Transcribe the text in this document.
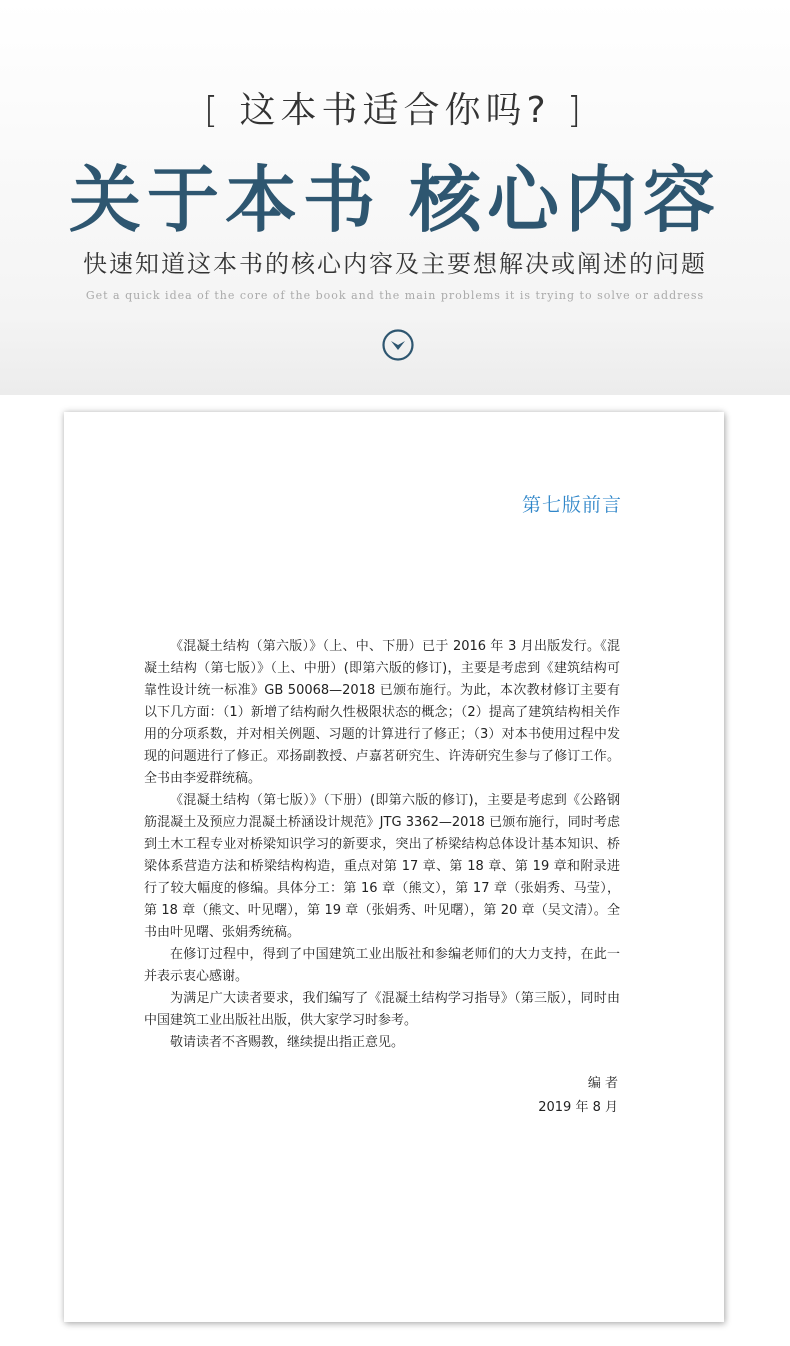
[ 这本书适合你吗? ]
关于本书 核心内容
快速知道这本书的核心内容及主要想解决或阐述的问题
Get a quick idea of the core of the book and the main problems it is trying to solve or address
第七版前言

《混凝土结构（第六版）》（上、中、下册）已于 2016 年 3 月出版发行。《混凝土结构（第七版）》（上、中册）(即第六版的修订)，主要是考虑到《建筑结构可靠性设计统一标准》GB 50068—2018 已颁布施行。为此，本次教材修订主要有以下几方面：（1）新增了结构耐久性极限状态的概念；（2）提高了建筑结构相关作用的分项系数，并对相关例题、习题的计算进行了修正；（3）对本书使用过程中发现的问题进行了修正。邓扬副教授、卢嘉茗研究生、许涛研究生参与了修订工作。全书由李爱群统稿。

《混凝土结构（第七版）》（下册）(即第六版的修订)，主要是考虑到《公路钢筋混凝土及预应力混凝土桥涵设计规范》JTG 3362—2018 已颁布施行，同时考虑到土木工程专业对桥梁知识学习的新要求，突出了桥梁结构总体设计基本知识、桥梁体系营造方法和桥梁结构构造，重点对第 17 章、第 18 章、第 19 章和附录进行了较大幅度的修编。具体分工：第 16 章（熊文），第 17 章（张娟秀、马莹），第 18 章（熊文、叶见曙），第 19 章（张娟秀、叶见曙），第 20 章（吴文清）。全书由叶见曙、张娟秀统稿。

在修订过程中，得到了中国建筑工业出版社和参编老师们的大力支持，在此一并表示衷心感谢。

为满足广大读者要求，我们编写了《混凝土结构学习指导》（第三版），同时由中国建筑工业出版社出版，供大家学习时参考。

敬请读者不吝赐教，继续提出指正意见。

编 者
2019 年 8 月
